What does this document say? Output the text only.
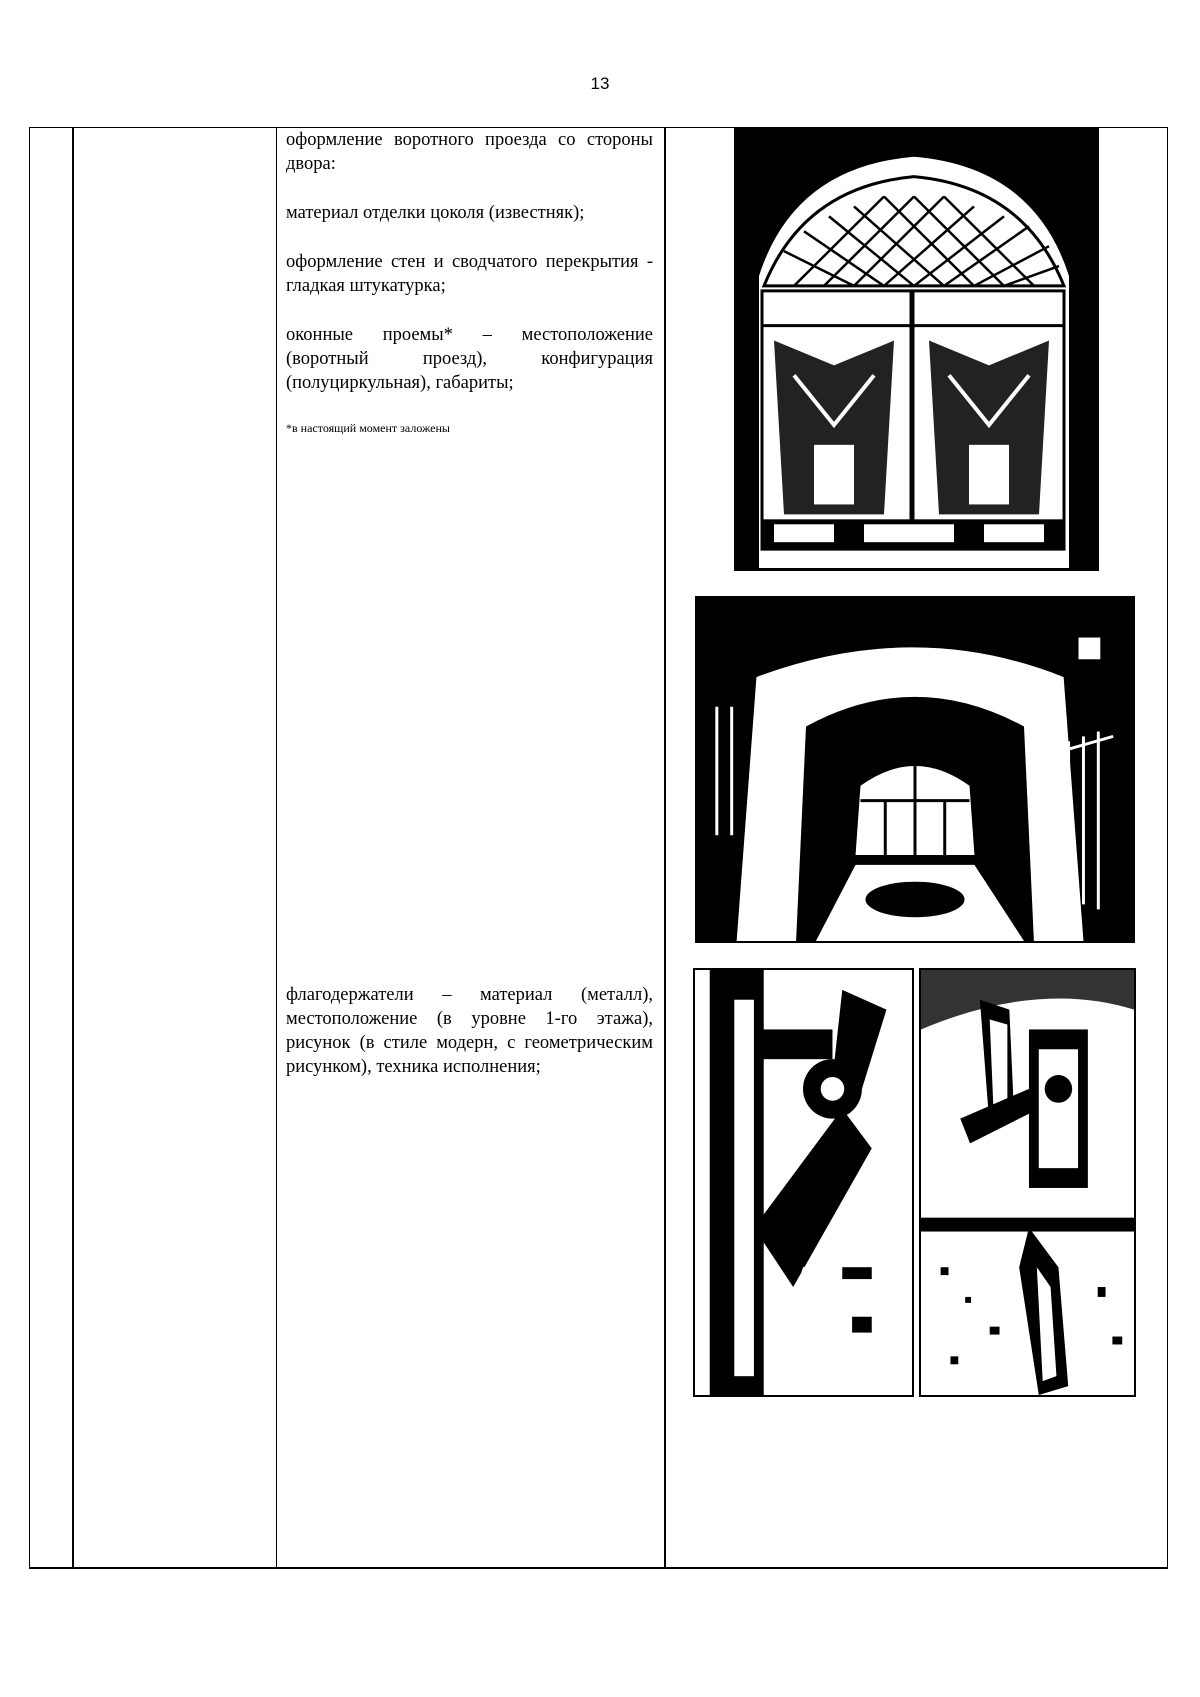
13

оформление воротного проезда со стороны двора:

материал отделки цоколя (известняк);

оформление стен и сводчатого перекрытия - гладкая штукатурка;

оконные проемы* – местоположение (воротный проезд), конфигурация (полуциркульная), габариты;

*в настоящий момент заложены

флагодержатели – материал (металл), местоположение (в уровне 1-го этажа), рисунок (в стиле модерн, с геометрическим рисунком), техника исполнения;
